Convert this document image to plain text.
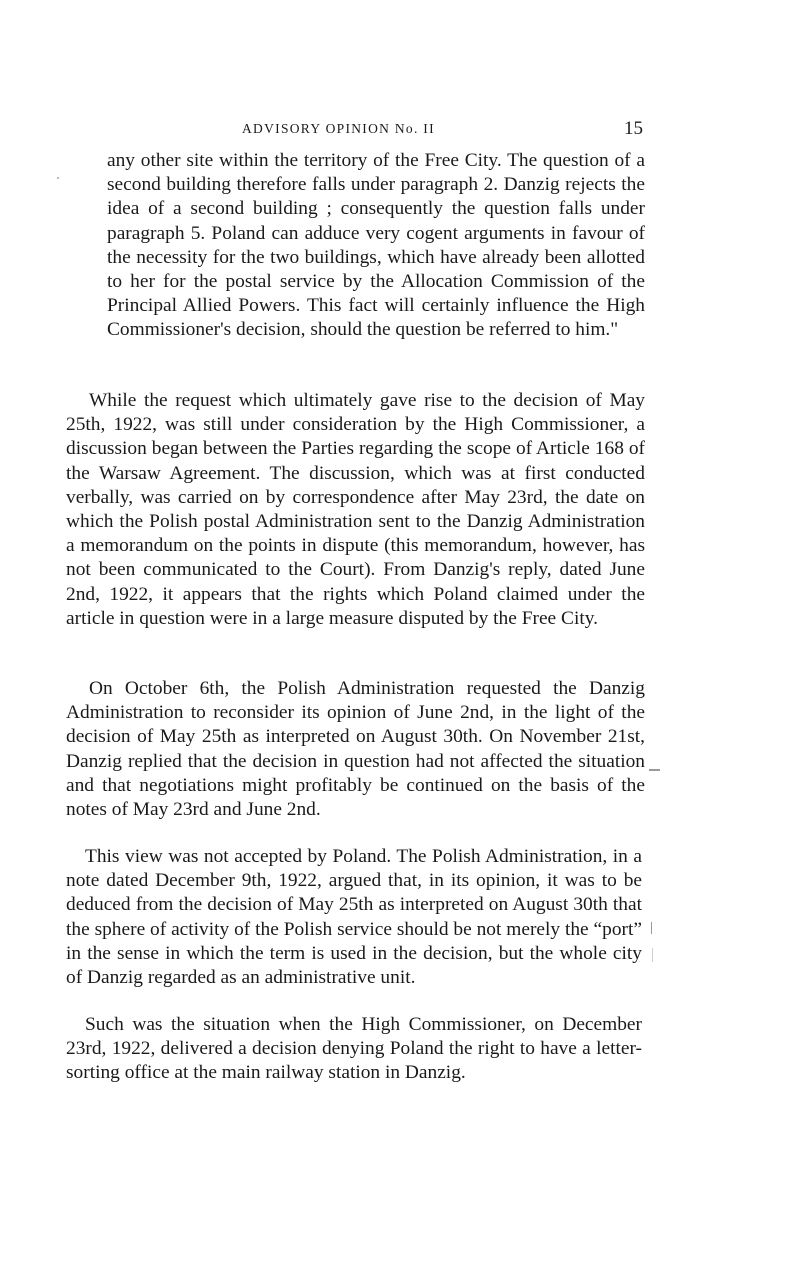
ADVISORY OPINION No. II	15

any other site within the territory of the Free City. The question of a second building therefore falls under paragraph 2. Danzig rejects the idea of a second building ; consequently the question falls under paragraph 5. Poland can adduce very cogent arguments in favour of the necessity for the two buildings, which have already been allotted to her for the postal service by the Allocation Commission of the Principal Allied Powers. This fact will certainly influence the High Commissioner's decision, should the question be referred to him."

While the request which ultimately gave rise to the decision of May 25th, 1922, was still under consideration by the High Commissioner, a discussion began between the Parties regarding the scope of Article 168 of the Warsaw Agreement. The discussion, which was at first conducted verbally, was carried on by correspondence after May 23rd, the date on which the Polish postal Administration sent to the Danzig Administration a memorandum on the points in dispute (this memorandum, however, has not been communicated to the Court). From Danzig's reply, dated June 2nd, 1922, it appears that the rights which Poland claimed under the article in question were in a large measure disputed by the Free City.

On October 6th, the Polish Administration requested the Danzig Administration to reconsider its opinion of June 2nd, in the light of the decision of May 25th as interpreted on August 30th. On November 21st, Danzig replied that the decision in question had not affected the situation and that negotiations might profitably be continued on the basis of the notes of May 23rd and June 2nd.

This view was not accepted by Poland. The Polish Administration, in a note dated December 9th, 1922, argued that, in its opinion, it was to be deduced from the decision of May 25th as interpreted on August 30th that the sphere of activity of the Polish service should be not merely the “port” in the sense in which the term is used in the decision, but the whole city of Danzig regarded as an administrative unit.

Such was the situation when the High Commissioner, on December 23rd, 1922, delivered a decision denying Poland the right to have a letter-sorting office at the main railway station in Danzig.
